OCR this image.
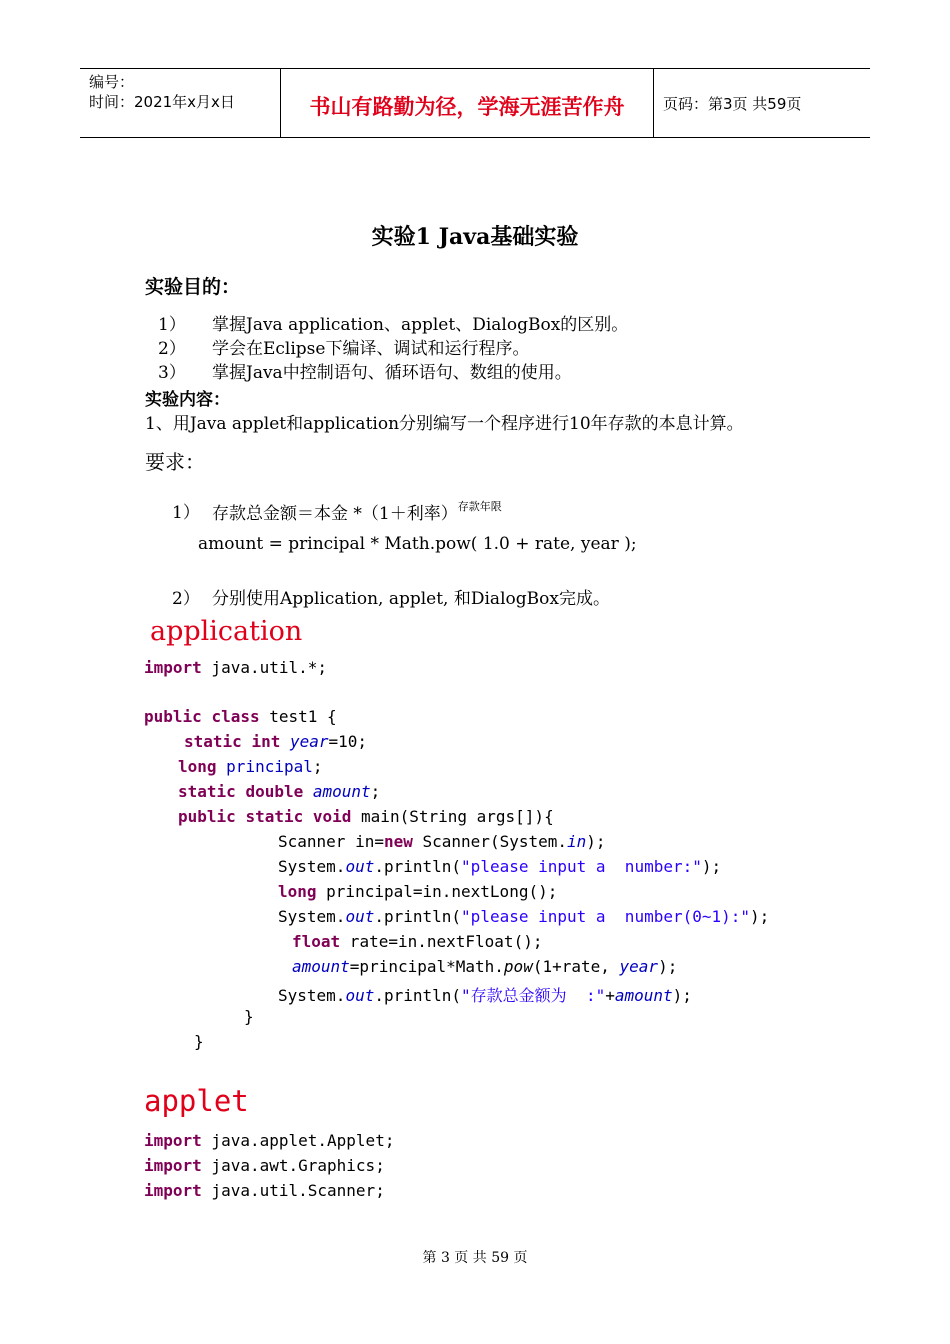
编号：
时间：2021年x月x日	书山有路勤为径，学海无涯苦作舟	页码：第3页 共59页
实验1 Java基础实验
实验目的：
1） 掌握Java application、applet、DialogBox的区别。
2） 学会在Eclipse下编译、调试和运行程序。
3） 掌握Java中控制语句、循环语句、数组的使用。
实验内容：
1、用Java applet和application分别编写一个程序进行10年存款的本息计算。
要求：
1） 存款总金额＝本金 *（1＋利率）$^{存款年限}$
amount = principal * Math.pow( 1.0 + rate, year );
2） 分别使用Application, applet, 和DialogBox完成。
application
import java.util.*;
public class test1 {
static int year=10;
long principal;
static double amount;
public static void main(String args[]){
Scanner in=new Scanner(System.in);
System.out.println("please input a  number:");
long principal=in.nextLong();
System.out.println("please input a  number(0~1):");
float rate=in.nextFloat();
amount=principal*Math.pow(1+rate, year);
System.out.println("存款总金额为  :"+amount);
}
}
applet
import java.applet.Applet;
import java.awt.Graphics;
import java.util.Scanner;
第 3 页 共 59 页
